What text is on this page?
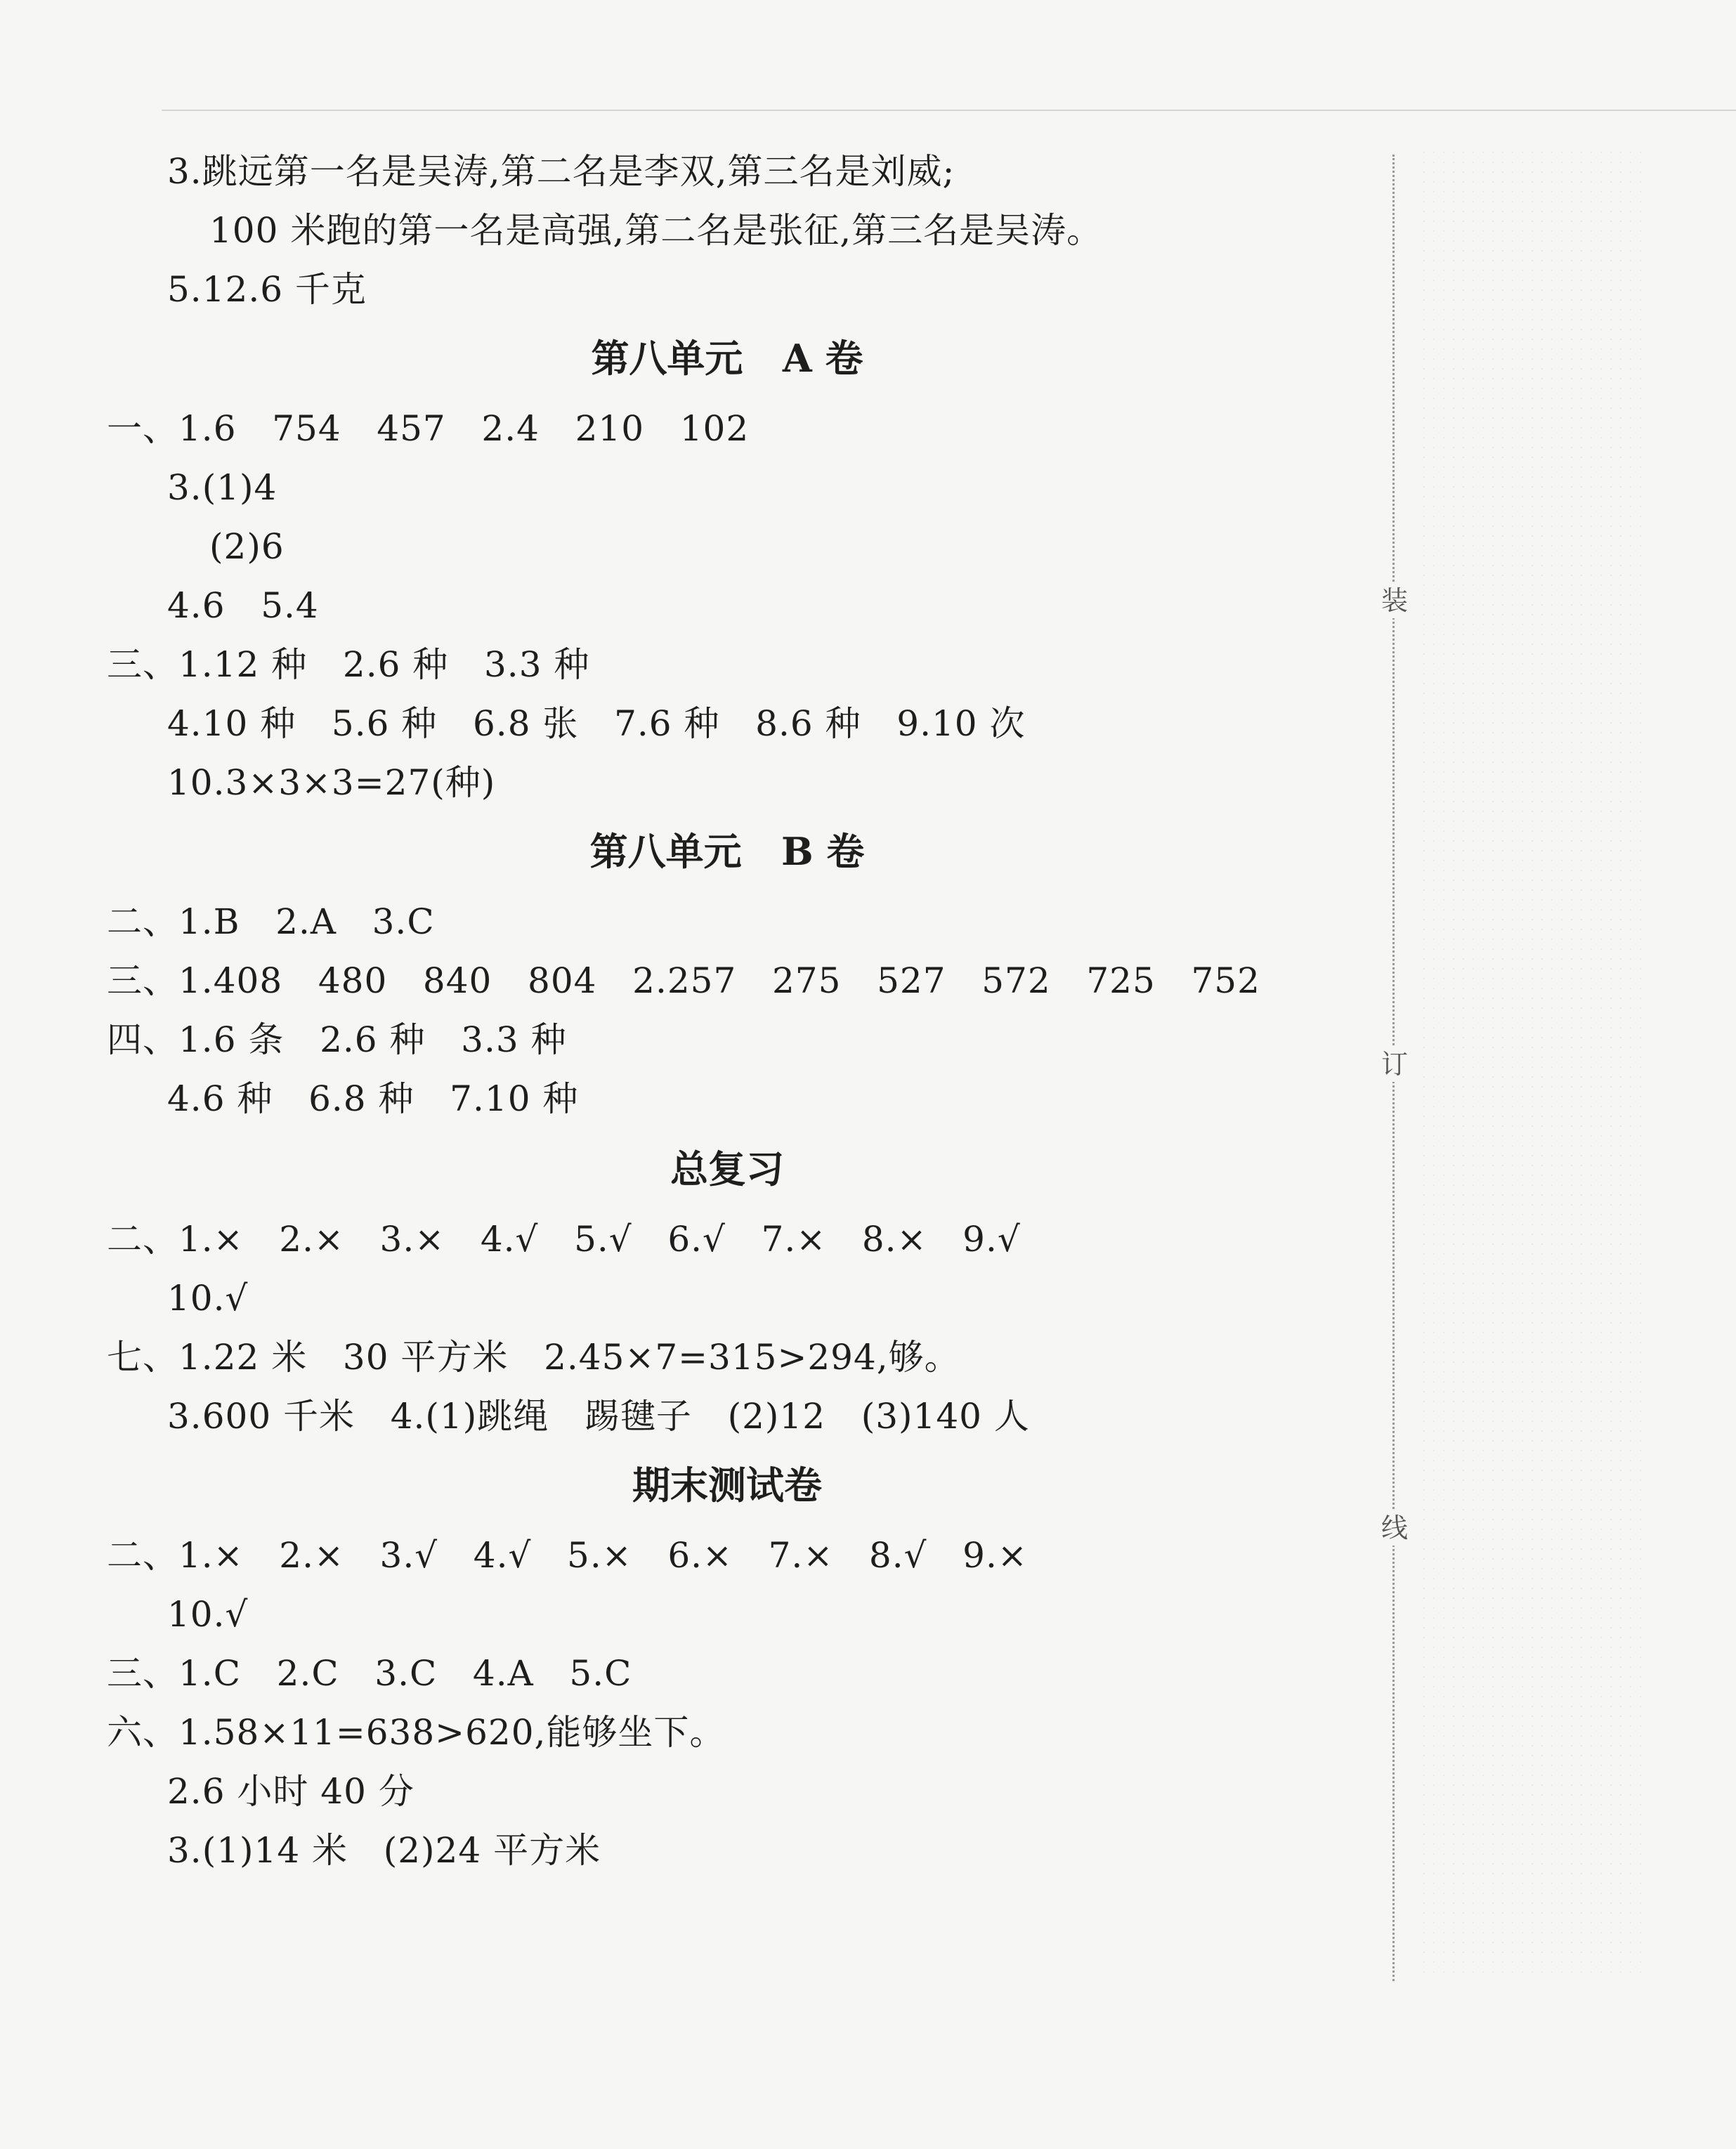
3.跳远第一名是吴涛,第二名是李双,第三名是刘威;
100 米跑的第一名是高强,第二名是张征,第三名是吴涛。
5.12.6 千克
第八单元   A 卷
一、1.6   754   457   2.4   210   102
3.(1)4
(2)6
4.6   5.4
三、1.12 种   2.6 种   3.3 种
4.10 种   5.6 种   6.8 张   7.6 种   8.6 种   9.10 次
10.3×3×3=27(种)
第八单元   B 卷
二、1.B   2.A   3.C
三、1.408   480   840   804   2.257   275   527   572   725   752
四、1.6 条   2.6 种   3.3 种
4.6 种   6.8 种   7.10 种
总复习
二、1.×   2.×   3.×   4.√   5.√   6.√   7.×   8.×   9.√
10.√
七、1.22 米   30 平方米   2.45×7=315>294,够。
3.600 千米   4.(1)跳绳   踢毽子   (2)12   (3)140 人
期末测试卷
二、1.×   2.×   3.√   4.√   5.×   6.×   7.×   8.√   9.×
10.√
三、1.C   2.C   3.C   4.A   5.C
六、1.58×11=638>620,能够坐下。
2.6 小时 40 分
3.(1)14 米   (2)24 平方米
装
订
线
